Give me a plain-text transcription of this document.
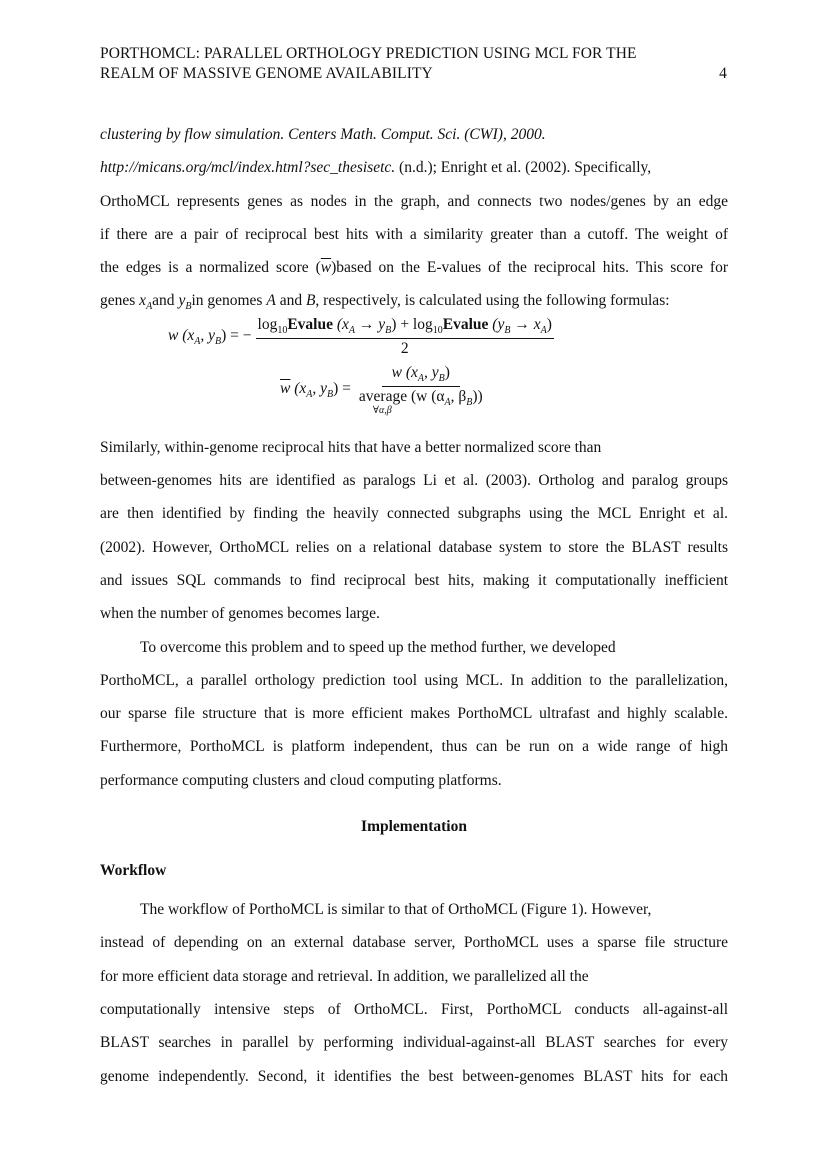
PORTHOMCL: PARALLEL ORTHOLOGY PREDICTION USING MCL FOR THE
REALM OF MASSIVE GENOME AVAILABILITY	4
clustering by flow simulation. Centers Math. Comput. Sci. (CWI), 2000.
http://micans.org/mcl/index.html?sec_thesisetc. (n.d.); Enright et al. (2002). Specifically,
OrthoMCL represents genes as nodes in the graph, and connects two nodes/genes by an edge
if there are a pair of reciprocal best hits with a similarity greater than a cutoff. The weight of
the edges is a normalized score $(\overline{w})based$ on the E-values of the reciprocal hits. This score for
genes $x_Aand$ $y_Bin$ genomes A and B, respectively, is calculated using the following formulas:
w ($x_A$, $y_B$) = − $\frac{\log_{10}Evalue (x_A \to y_B) + \log_{10}Evalue (y_B \to x_A)}{2}$
$\overline{w}$ ($x_A$, $y_B) = w$ ($x_A$, $y_B$)
average (w ($\alpha_A$, $\beta_B$))
∀α,β
Similarly, within-genome reciprocal hits that have a better normalized score than
between-genomes hits are identified as paralogs Li et al. (2003). Ortholog and paralog groups
are then identified by finding the heavily connected subgraphs using the MCL Enright et al.
(2002). However, OrthoMCL relies on a relational database system to store the BLAST results
and issues SQL commands to find reciprocal best hits, making it computationally inefficient
when the number of genomes becomes large.
To overcome this problem and to speed up the method further, we developed
PorthoMCL, a parallel orthology prediction tool using MCL. In addition to the parallelization,
our sparse file structure that is more efficient makes PorthoMCL ultrafast and highly scalable.
Furthermore, PorthoMCL is platform independent, thus can be run on a wide range of high
performance computing clusters and cloud computing platforms.
Implementation
Workflow
The workflow of PorthoMCL is similar to that of OrthoMCL (Figure 1). However,
instead of depending on an external database server, PorthoMCL uses a sparse file structure
for more efficient data storage and retrieval. In addition, we parallelized all the
computationally intensive steps of OrthoMCL. First, PorthoMCL conducts all-against-all
BLAST searches in parallel by performing individual-against-all BLAST searches for every
genome independently. Second, it identifies the best between-genomes BLAST hits for each
